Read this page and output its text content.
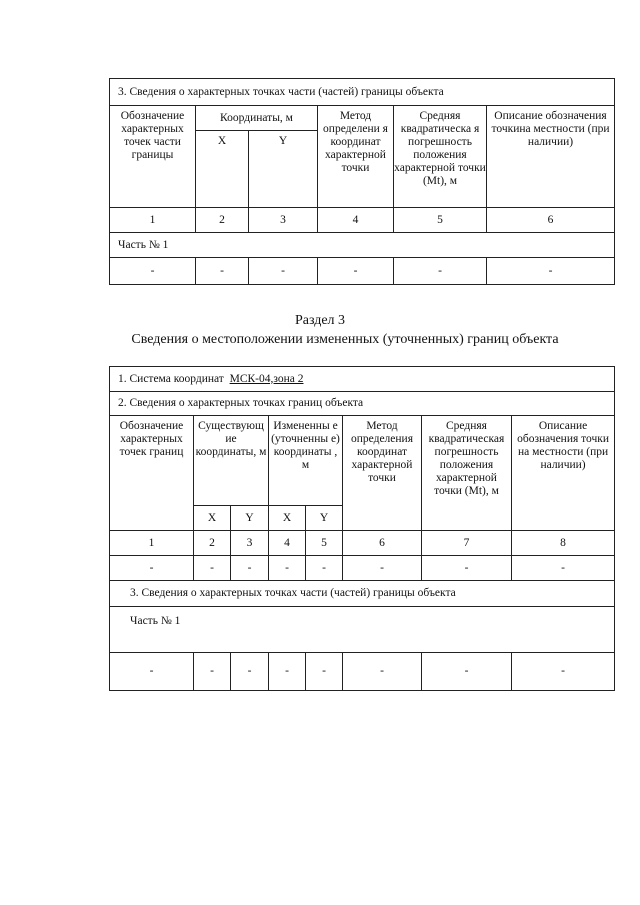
3. Сведения о характерных точках части (частей) границы объекта					
Обозначение характерных точек части границы	Координаты, м		Метод определени я координат характерной точки	Средняя квадратическа я погрешность положения характерной точки (Mt), м	Описание обозначения точкина местности (при наличии)
	X	Y			
1	2	3	4	5	6
Часть № 1					
-	-	-	-	-	-
Раздел 3
Сведения о местоположении измененных (уточненных) границ объекта
1. Система координат МСК-04,зона 2							
2. Сведения о характерных точках границ объекта							
Обозначение характерных точек границ	Существующ ие координаты, м		Измененны е (уточненны е) координаты , м		Метод определения координат характерной точки	Средняя квадратическая погрешность положения характерной точки (Mt), м	Описание обозначения точки на местности (при наличии)
	X	Y	X	Y			
1	2	3	4	5	6	7	8
-	-	-	-	-	-	-	-
3. Сведения о характерных точках части (частей) границы объекта							
Часть № 1							
-	-	-	-	-	-	-	-
